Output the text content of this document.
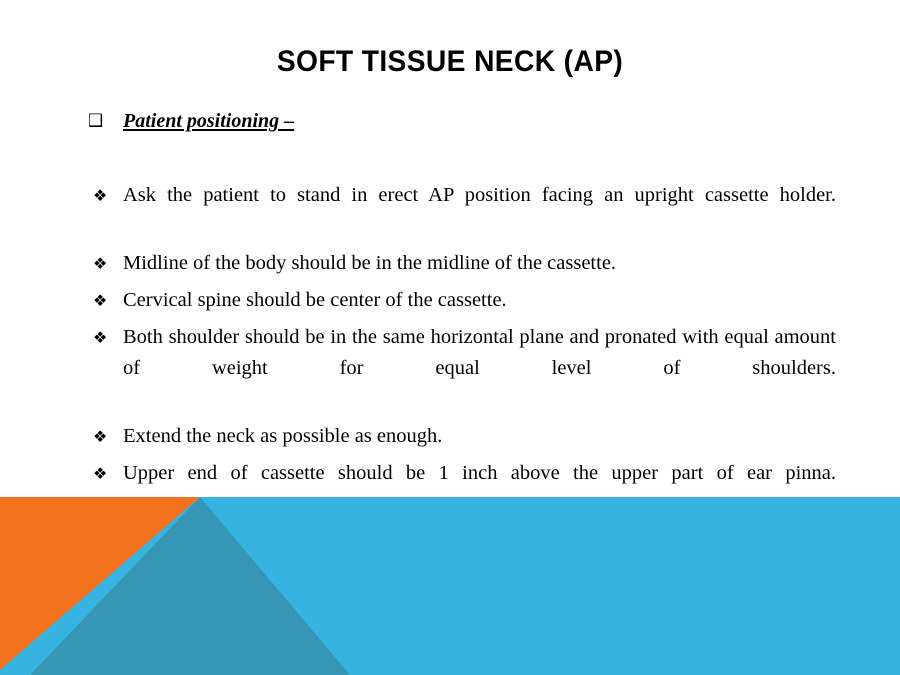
SOFT TISSUE NECK (AP)
❑ Patient positioning –
❖ Ask the patient to stand in erect AP position facing an upright cassette holder.
❖ Midline of the body should be in the midline of the cassette.
❖ Cervical spine should be center of the cassette.
❖ Both shoulder should be in the same horizontal plane and pronated with equal amount of weight for equal level of shoulders.
❖ Extend the neck as possible as enough.
❖ Upper end of cassette should be 1 inch above the upper part of ear pinna.
